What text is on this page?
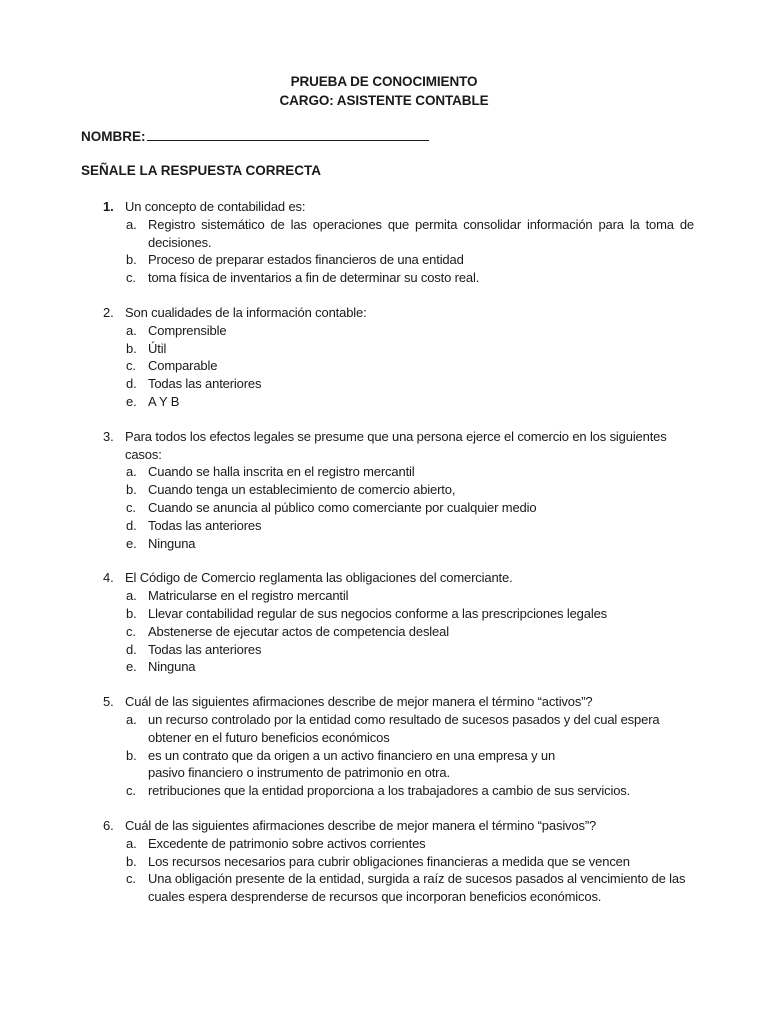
PRUEBA DE CONOCIMIENTO
CARGO: ASISTENTE CONTABLE
NOMBRE:
SEÑALE LA RESPUESTA CORRECTA
1. Un concepto de contabilidad es:
a. Registro sistemático de las operaciones que permita consolidar información para la toma de decisiones.
b. Proceso de preparar estados financieros de una entidad
c. toma física de inventarios a fin de determinar su costo real.
2. Son cualidades de la información contable:
a. Comprensible
b. Útil
c. Comparable
d. Todas las anteriores
e. A Y B
3. Para todos los efectos legales se presume que una persona ejerce el comercio en los siguientes casos:
a. Cuando se halla inscrita en el registro mercantil
b. Cuando tenga un establecimiento de comercio abierto,
c. Cuando se anuncia al público como comerciante por cualquier medio
d. Todas las anteriores
e. Ninguna
4. El Código de Comercio reglamenta las obligaciones del comerciante.
a. Matricularse en el registro mercantil
b. Llevar contabilidad regular de sus negocios conforme a las prescripciones legales
c. Abstenerse de ejecutar actos de competencia desleal
d. Todas las anteriores
e. Ninguna
5. Cuál de las siguientes afirmaciones describe de mejor manera el término “activos”?
a. un recurso controlado por la entidad como resultado de sucesos pasados y del cual espera obtener en el futuro beneficios económicos
b. es un contrato que da origen a un activo financiero en una empresa y un pasivo financiero o instrumento de patrimonio en otra.
c. retribuciones que la entidad proporciona a los trabajadores a cambio de sus servicios.
6. Cuál de las siguientes afirmaciones describe de mejor manera el término “pasivos”?
a. Excedente de patrimonio sobre activos corrientes
b. Los recursos necesarios para cubrir obligaciones financieras a medida que se vencen
c. Una obligación presente de la entidad, surgida a raíz de sucesos pasados al vencimiento de las cuales espera desprenderse de recursos que incorporan beneficios económicos.
